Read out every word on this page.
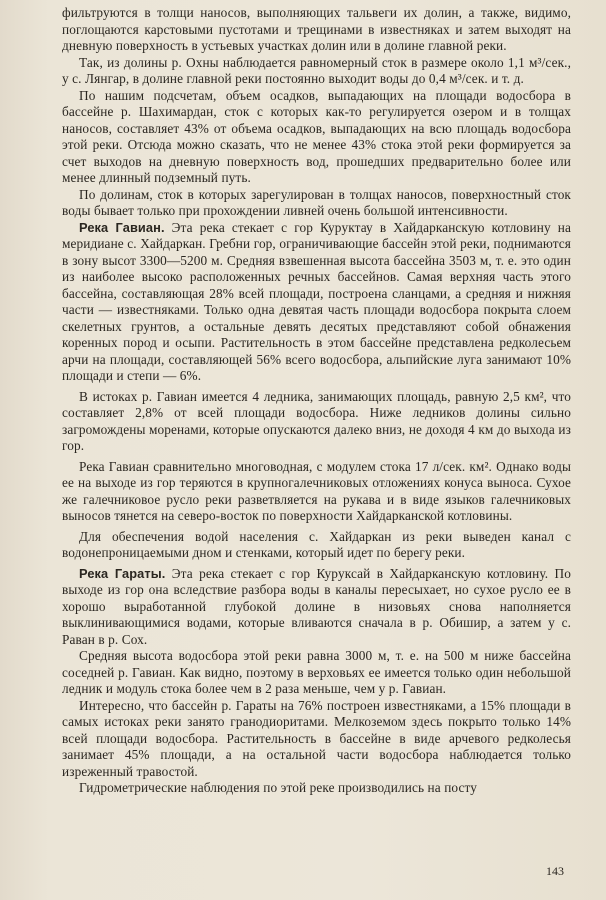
фильтруются в толщи наносов, выполняющих тальвеги их долин, а также, видимо, поглощаются карстовыми пустотами и трещинами в известняках и затем выходят на дневную поверхность в устьевых участках долин или в долине главной реки.

Так, из долины р. Охны наблюдается равномерный сток в размере около 1,1 м³/сек., у с. Лянгар, в долине главной реки постоянно выходит воды до 0,4 м³/сек. и т. д.

По нашим подсчетам, объем осадков, выпадающих на площади водосбора в бассейне р. Шахимардан, сток с которых как-то регулируется озером и в толщах наносов, составляет 43% от объема осадков, выпадающих на всю площадь водосбора этой реки. Отсюда можно сказать, что не менее 43% стока этой реки формируется за счет выходов на дневную поверхность вод, прошедших предварительно более или менее длинный подземный путь.

По долинам, сток в которых зарегулирован в толщах наносов, поверхностный сток воды бывает только при прохождении ливней очень большой интенсивности.

Река Гавиан. Эта река стекает с гор Курyктау в Хайдарканскую котловину на меридиане с. Хайдаркан. Гребни гор, ограничивающие бассейн этой реки, поднимаются в зону высот 3300—5200 м. Средняя взвешенная высота бассейна 3503 м, т. е. это один из наиболее высоко расположенных речных бассейнов. Самая верхняя часть этого бассейна, составляющая 28% всей площади, построена сланцами, а средняя и нижняя части — известняками. Только одна девятая часть площади водосбора покрыта слоем скелетных грунтов, а остальные девять десятых представляют собой обнажения коренных пород и осыпи. Растительность в этом бассейне представлена редколесьем арчи на площади, составляющей 56% всего водосбора, альпийские луга занимают 10% площади и степи — 6%.

В истоках р. Гавиан имеется 4 ледника, занимающих площадь, равную 2,5 км², что составляет 2,8% от всей площади водосбора. Ниже ледников долины сильно загромождены моренами, которые опускаются далеко вниз, не доходя 4 км до выхода из гор.

Река Гавиан сравнительно многоводная, с модулем стока 17 л/сек. км². Однако воды ее на выходе из гор теряются в крупногалечниковых отложениях конуса выноса. Сухое же галечниковое русло реки разветвляется на рукава и в виде языков галечниковых выносов тянется на северо-восток по поверхности Хайдарканской котловины.

Для обеспечения водой населения с. Хайдаркан из реки выведен канал с водонепроницаемыми дном и стенками, который идет по берегу реки.

Река Гараты. Эта река стекает с гор Курyксай в Хайдарканскую котловину. По выходе из гор она вследствие разбора воды в каналы пересыхает, но сухое русло ее в хорошо выработанной глубокой долине в низовьях снова наполняется выклинивающимися водами, которые вливаются сначала в р. Обишир, а затем у с. Раван в р. Сох.

Средняя высота водосбора этой реки равна 3000 м, т. е. на 500 м ниже бассейна соседней р. Гавиан. Как видно, поэтому в верховьях ее имеется только один небольшой ледник и модуль стока более чем в 2 раза меньше, чем у р. Гавиан.

Интересно, что бассейн р. Гараты на 76% построен известняками, а 15% площади в самых истоках реки занято гранодиоритами. Мелкоземом здесь покрыто только 14% всей площади водосбора. Растительность в бассейне в виде арчевого редколесья занимает 45% площади, а на остальной части водосбора наблюдается только изреженный травостой.

Гидрометрические наблюдения по этой реке производились на посту

143
